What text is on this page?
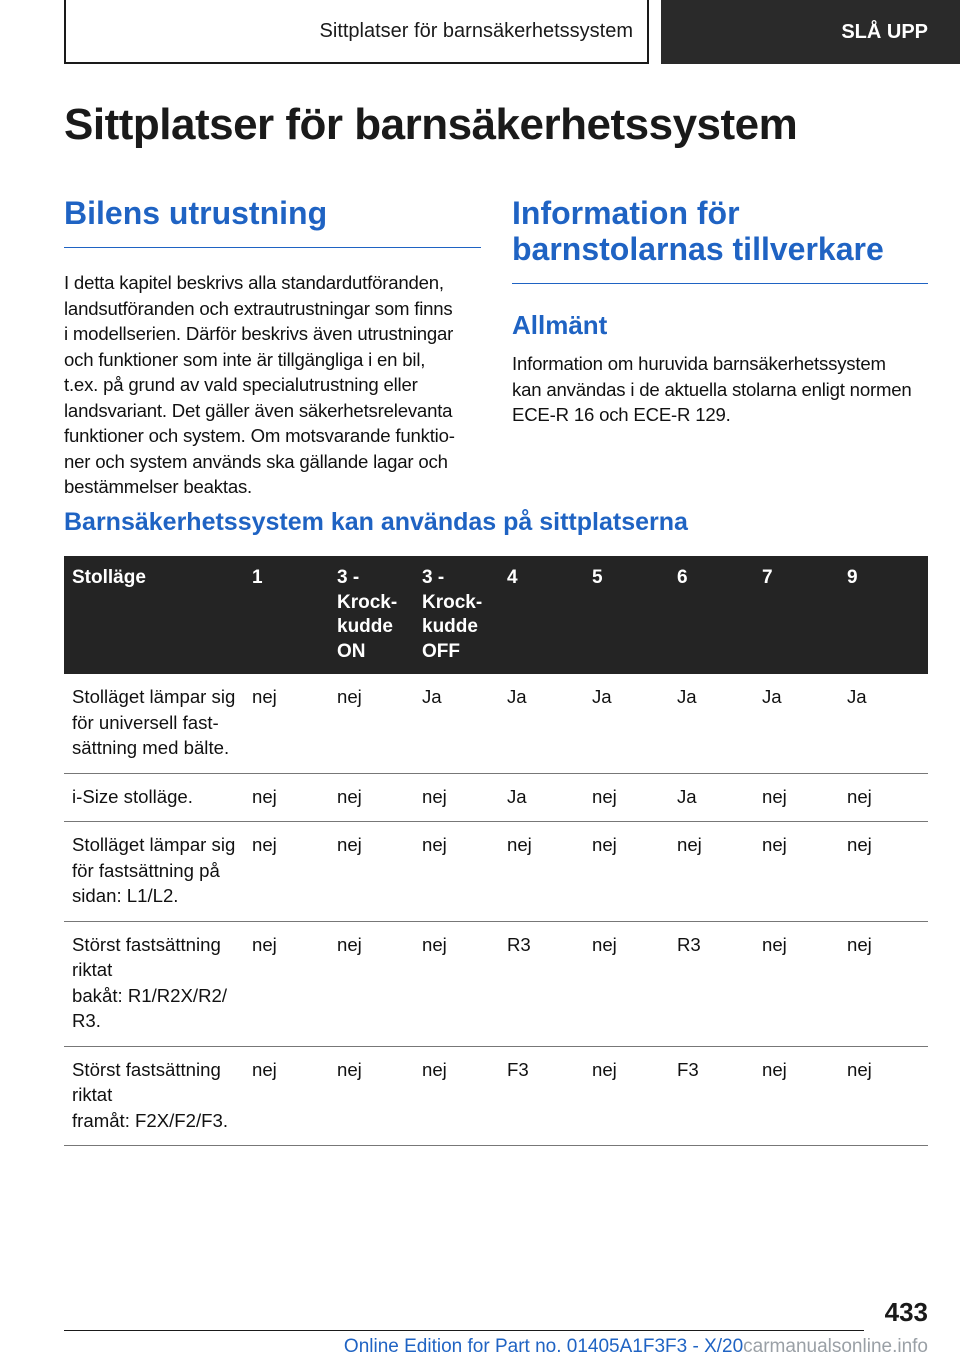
Sittplatser för barnsäkerhetssystem	SLÅ UPP
Sittplatser för barnsäkerhetssystem
Bilens utrustning
I detta kapitel beskrivs alla standardutföranden,
landsutföranden och extrautrustningar som finns
i modellserien. Därför beskrivs även utrustningar
och funktioner som inte är tillgängliga i en bil,
t.ex. på grund av vald specialutrustning eller
landsvariant. Det gäller även säkerhetsrelevanta
funktioner och system. Om motsvarande funktio-
ner och system används ska gällande lagar och
bestämmelser beaktas.
Information för
barnstolarnas tillverkare
Allmänt
Information om huruvida barnsäkerhetssystem
kan användas i de aktuella stolarna enligt normen
ECE-R 16 och ECE-R 129.
Barnsäkerhetssystem kan användas på sittplatserna
Stolläge	1	3 -
Krock-
kudde
ON	3 -
Krock-
kudde
OFF	4	5	6	7	9
Stolläget lämpar sig
för universell fast-
sättning med bälte.	nej	nej	Ja	Ja	Ja	Ja	Ja	Ja
i-Size stolläge.	nej	nej	nej	Ja	nej	Ja	nej	nej
Stolläget lämpar sig
för fastsättning på
sidan: L1/L2.	nej	nej	nej	nej	nej	nej	nej	nej
Störst fastsättning
riktat
bakåt: R1/R2X/R2/
R3.	nej	nej	nej	R3	nej	R3	nej	nej
Störst fastsättning
riktat
framåt: F2X/F2/F3.	nej	nej	nej	F3	nej	F3	nej	nej
433
Online Edition for Part no. 01405A1F3F3 - X/20carmanualsonline.info
